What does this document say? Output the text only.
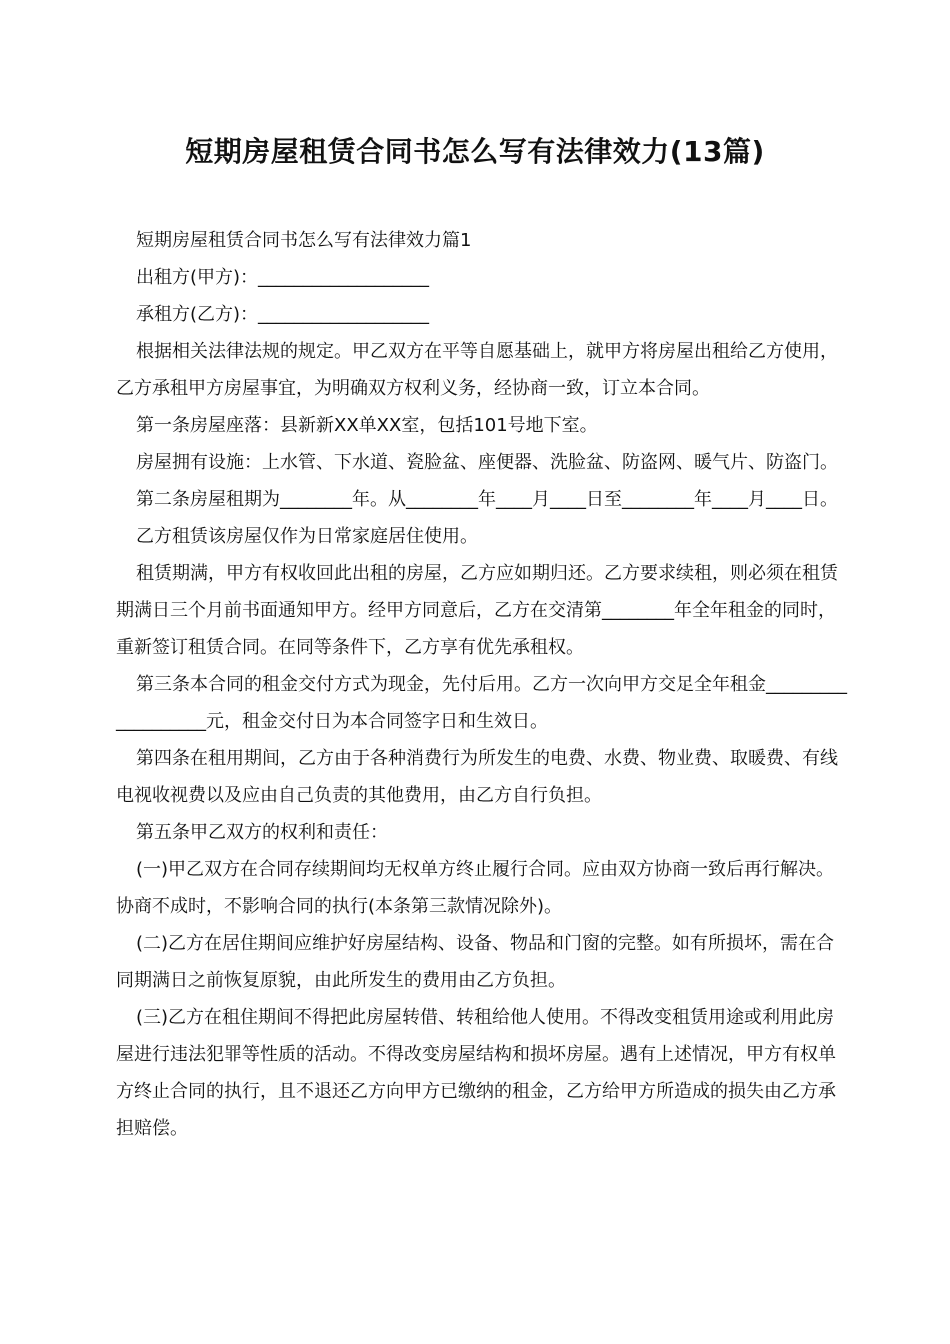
短期房屋租赁合同书怎么写有法律效力(13篇)

短期房屋租赁合同书怎么写有法律效力篇1

出租方(甲方)：___________________

承租方(乙方)：___________________

根据相关法律法规的规定。甲乙双方在平等自愿基础上，就甲方将房屋出租给乙方使用，乙方承租甲方房屋事宜，为明确双方权利义务，经协商一致，订立本合同。

第一条房屋座落：县新新XX单XX室，包括101号地下室。

房屋拥有设施：上水管、下水道、瓷脸盆、座便器、洗脸盆、防盗网、暖气片、防盗门。

第二条房屋租期为________年。从________年____月____日至________年____月____日。

乙方租赁该房屋仅作为日常家庭居住使用。

租赁期满，甲方有权收回此出租的房屋，乙方应如期归还。乙方要求续租，则必须在租赁期满日三个月前书面通知甲方。经甲方同意后，乙方在交清第________年全年租金的同时，重新签订租赁合同。在同等条件下，乙方享有优先承租权。

第三条本合同的租金交付方式为现金，先付后用。乙方一次向甲方交足全年租金___________________元，租金交付日为本合同签字日和生效日。

第四条在租用期间，乙方由于各种消费行为所发生的电费、水费、物业费、取暖费、有线电视收视费以及应由自己负责的其他费用，由乙方自行负担。

第五条甲乙双方的权利和责任：

(一)甲乙双方在合同存续期间均无权单方终止履行合同。应由双方协商一致后再行解决。协商不成时，不影响合同的执行(本条第三款情况除外)。

(二)乙方在居住期间应维护好房屋结构、设备、物品和门窗的完整。如有所损坏，需在合同期满日之前恢复原貌，由此所发生的费用由乙方负担。

(三)乙方在租住期间不得把此房屋转借、转租给他人使用。不得改变租赁用途或利用此房屋进行违法犯罪等性质的活动。不得改变房屋结构和损坏房屋。遇有上述情况，甲方有权单方终止合同的执行，且不退还乙方向甲方已缴纳的租金，乙方给甲方所造成的损失由乙方承担赔偿。
